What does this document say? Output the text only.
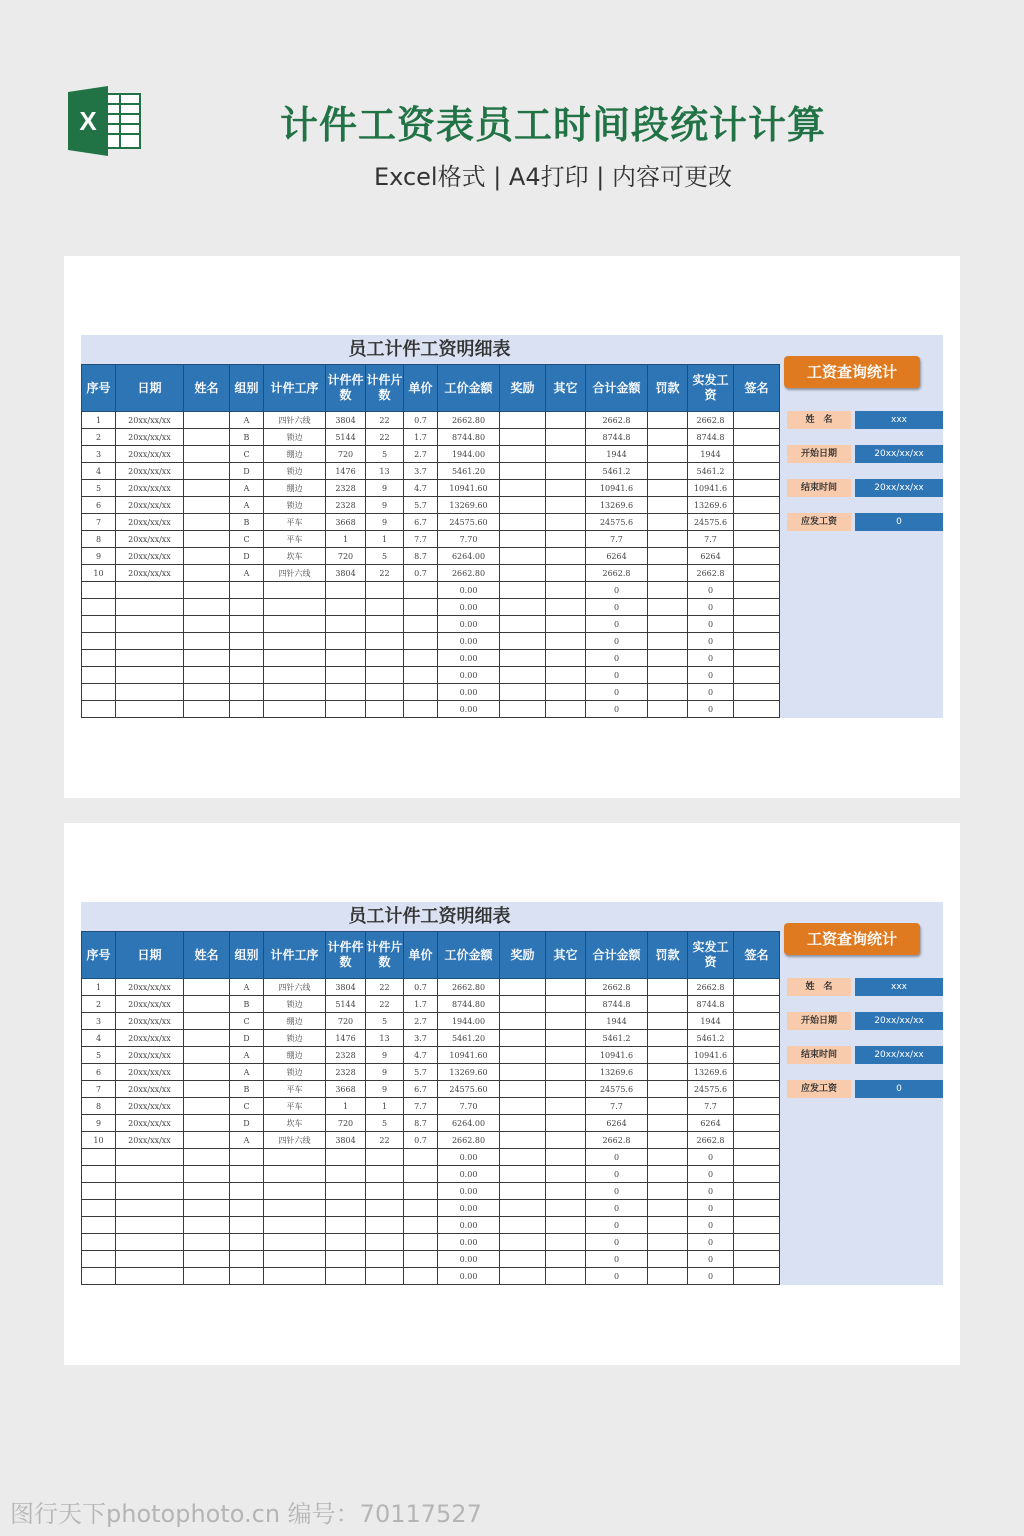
X	计件工资表员工时间段统计计算
Excel格式 | A4打印 | 内容可更改
员工计件工资明细表
序号	日期	姓名	组别	计件工序	计件件数	计件片数	单价	工价金额	奖励	其它	合计金额	罚款	实发工资	签名
1	20xx/xx/xx		A	四针六线	3804	22	0.7	2662.80			2662.8		2662.8	
2	20xx/xx/xx		B	锁边	5144	22	1.7	8744.80			8744.8		8744.8	
3	20xx/xx/xx		C	绷边	720	5	2.7	1944.00			1944		1944	
4	20xx/xx/xx		D	锁边	1476	13	3.7	5461.20			5461.2		5461.2	
5	20xx/xx/xx		A	绷边	2328	9	4.7	10941.60			10941.6		10941.6	
6	20xx/xx/xx		A	锁边	2328	9	5.7	13269.60			13269.6		13269.6	
7	20xx/xx/xx		B	平车	3668	9	6.7	24575.60			24575.6		24575.6	
8	20xx/xx/xx		C	平车	1	1	7.7	7.70			7.7		7.7	
9	20xx/xx/xx		D	坎车	720	5	8.7	6264.00			6264		6264	
10	20xx/xx/xx		A	四针六线	3804	22	0.7	2662.80			2662.8		2662.8	
								0.00			0		0	
								0.00			0		0	
								0.00			0		0	
								0.00			0		0	
								0.00			0		0	
								0.00			0		0	
								0.00			0		0	
								0.00			0		0	
工资查询统计
姓　名	xxx
开始日期	20xx/xx/xx
结束时间	20xx/xx/xx
应发工资	0
员工计件工资明细表
序号	日期	姓名	组别	计件工序	计件件数	计件片数	单价	工价金额	奖励	其它	合计金额	罚款	实发工资	签名
1	20xx/xx/xx		A	四针六线	3804	22	0.7	2662.80			2662.8		2662.8	
2	20xx/xx/xx		B	锁边	5144	22	1.7	8744.80			8744.8		8744.8	
3	20xx/xx/xx		C	绷边	720	5	2.7	1944.00			1944		1944	
4	20xx/xx/xx		D	锁边	1476	13	3.7	5461.20			5461.2		5461.2	
5	20xx/xx/xx		A	绷边	2328	9	4.7	10941.60			10941.6		10941.6	
6	20xx/xx/xx		A	锁边	2328	9	5.7	13269.60			13269.6		13269.6	
7	20xx/xx/xx		B	平车	3668	9	6.7	24575.60			24575.6		24575.6	
8	20xx/xx/xx		C	平车	1	1	7.7	7.70			7.7		7.7	
9	20xx/xx/xx		D	坎车	720	5	8.7	6264.00			6264		6264	
10	20xx/xx/xx		A	四针六线	3804	22	0.7	2662.80			2662.8		2662.8	
								0.00			0		0	
								0.00			0		0	
								0.00			0		0	
								0.00			0		0	
								0.00			0		0	
								0.00			0		0	
								0.00			0		0	
								0.00			0		0	
工资查询统计
姓　名	xxx
开始日期	20xx/xx/xx
结束时间	20xx/xx/xx
应发工资	0
图行天下photophoto.cn 编号：70117527
